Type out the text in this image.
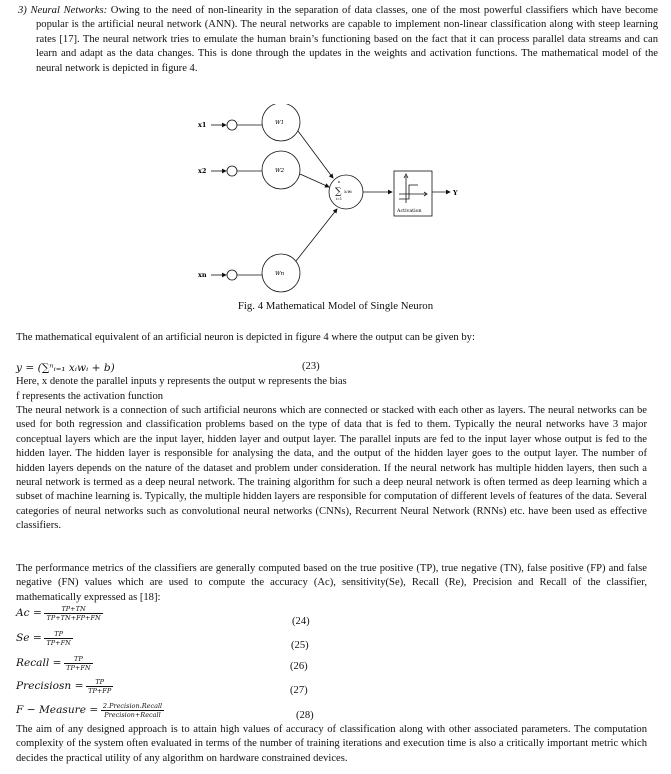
3) Neural Networks: Owing to the need of non-linearity in the separation of data classes, one of the most powerful classifiers which have become popular is the artificial neural network (ANN). The neural networks are capable to implement non-linear classification along with steep learning rates [17]. The neural network tries to emulate the human brain’s functioning based on the fact that it can process parallel data streams and can learn and adapt as the data changes. This is done through the updates in the weights and activation functions. The mathematical model of the neural network is depicted in figure 4.

x1
x2
xn
W1
W2
Wn
n
∑
i=1
xᵢwᵢ
Activation
Y
Fig. 4 Mathematical Model of Single Neuron

The mathematical equivalent of an artificial neuron is depicted in figure 4 where the output can be given by:

y = (∑ⁿᵢ₌₁ xᵢwᵢ + b)	(23)

Here, x denote the parallel inputs y represents the output w represents the bias

f represents the activation function

The neural network is a connection of such artificial neurons which are connected or stacked with each other as layers. The neural networks can be used for both regression and classification problems based on the type of data that is fed to them. Typically the neural networks have 3 major conceptual layers which are the input layer, hidden layer and output layer. The parallel inputs are fed to the input layer whose output is fed to the hidden layer. The hidden layer is responsible for analysing the data, and the output of the hidden layer goes to the output layer. The number of hidden layers depends on the nature of the dataset and problem under consideration. If the neural network has multiple hidden layers, then such a neural network is termed as a deep neural network. The training algorithm for such a deep neural network is often termed as deep learning which a subset of machine learning is. Typically, the multiple hidden layers are responsible for computation of different levels of features of the data. Several categories of neural networks such as convolutional neural networks (CNNs), Recurrent Neural Network (RNNs) etc. have been used as effective classifiers.

The performance metrics of the classifiers are generally computed based on the true positive (TP), true negative (TN), false positive (FP) and false negative (FN) values which are used to compute the accuracy (Ac), sensitivity(Se), Recall (Re), Precision and Recall of the classifier, mathematically expressed as [18]:

$Ac = \frac{TP+TN}{TP+TN+FP+FN}$	(24)
$Se = \frac{TP}{TP+FN}$	(25)
Recall = $\frac{TP}{TP+FN}$	(26)
Precisiosn = $\frac{TP}{TP+FP}$	(27)
F − Measure = $\frac{\text{2.Precision.Recall}}{\text{Precision+Recall}}$	(28)

The aim of any designed approach is to attain high values of accuracy of classification along with other associated parameters. The computation complexity of the system often evaluated in terms of the number of training iterations and execution time is also a critically important metric which decides the practical utility of any algorithm on hardware constrained devices.
